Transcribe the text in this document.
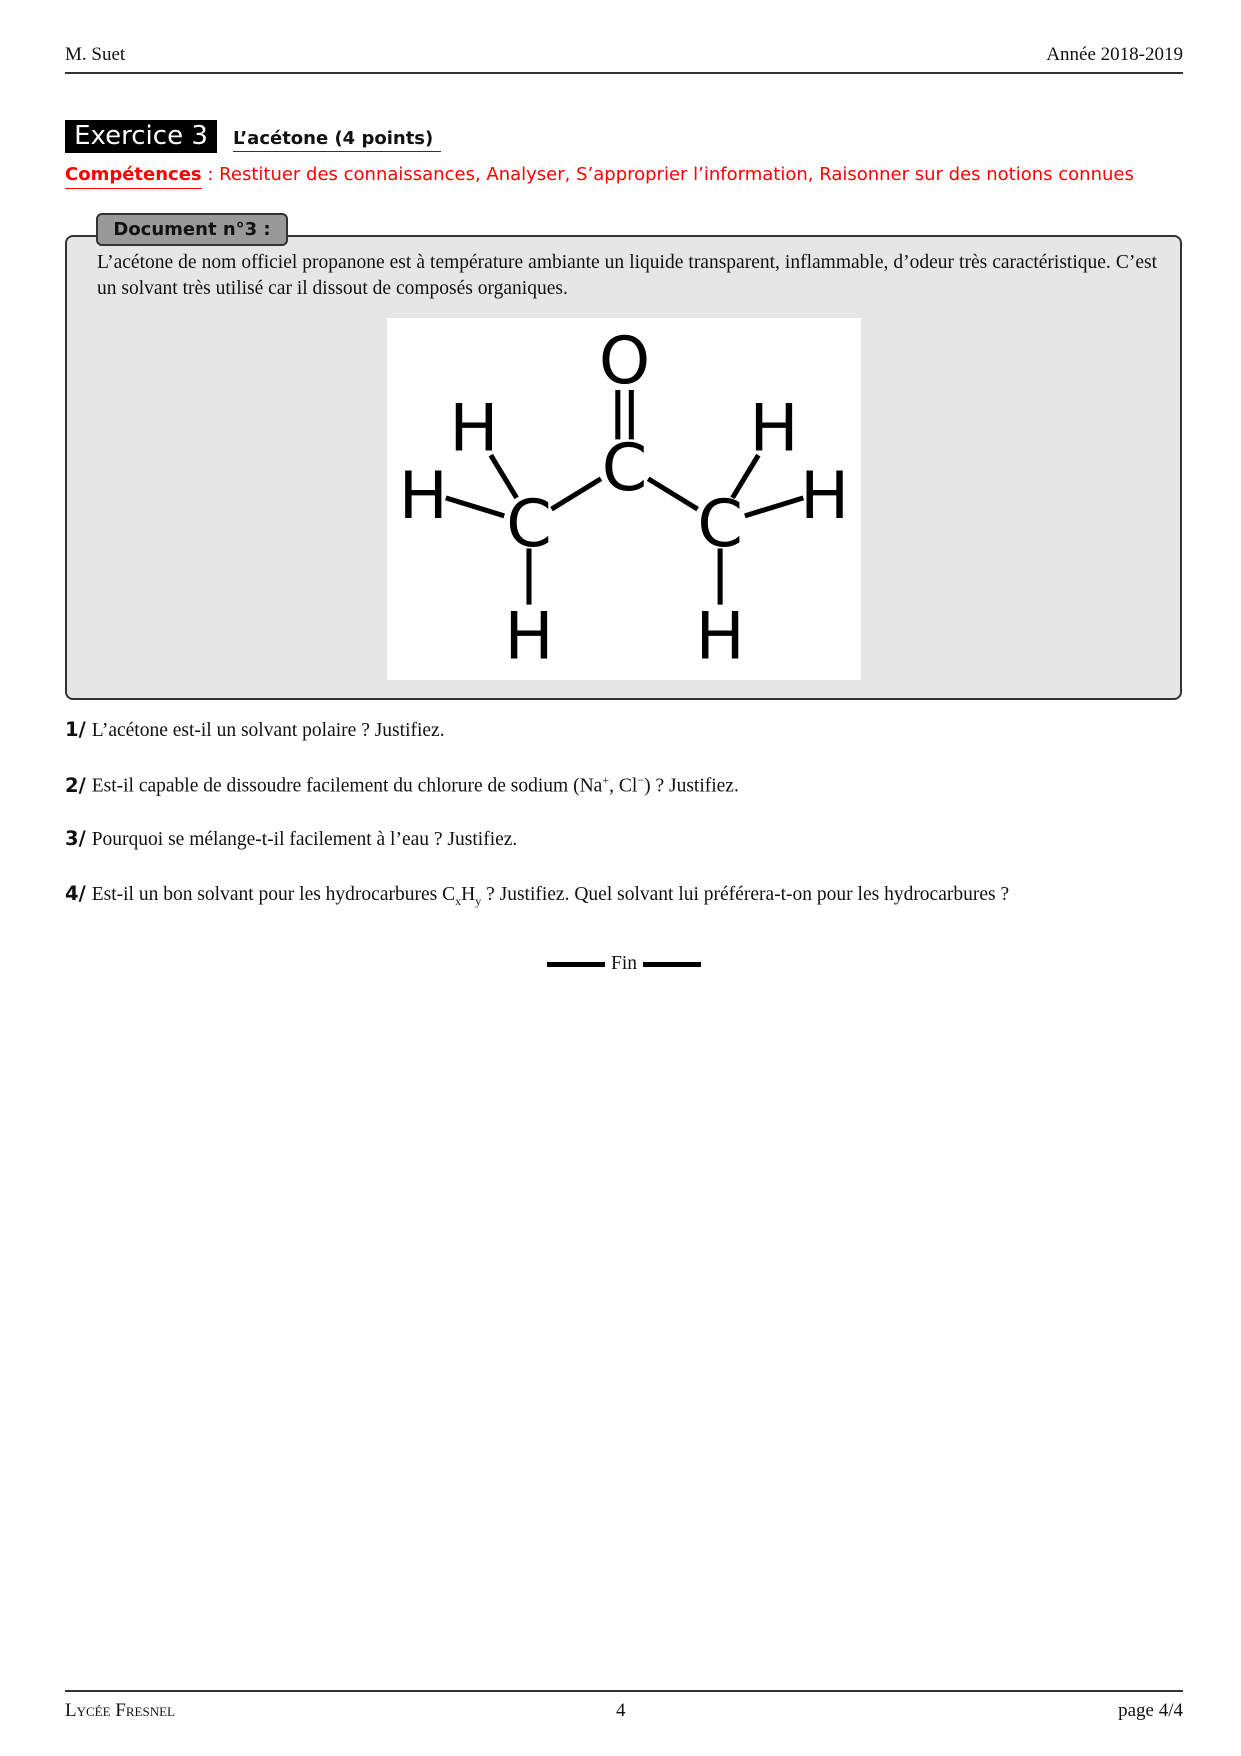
M. Suet	Année 2018-2019
Exercice 3	L’acétone (4 points)
Compétences : Restituer des connaissances, Analyser, S’approprier l’information, Raisonner sur des notions connues
Document n°3 :
L’acétone de nom officiel propanone est à température ambiante un liquide transparent, inflammable, d’odeur très caractéristique. C’est un solvant très utilisé car il dissout de composés organiques.
O
C
C	C
H
H
H
H
H
H
1/ L’acétone est-il un solvant polaire ? Justifiez.
2/ Est-il capable de dissoudre facilement du chlorure de sodium (Na+, Cl−) ? Justifiez.
3/ Pourquoi se mélange-t-il facilement à l’eau ? Justifiez.
4/ Est-il un bon solvant pour les hydrocarbures $C_xH_y$ ? Justifiez. Quel solvant lui préférera-t-on pour les hydrocarbures ?
Fin
Lycée Fresnel	4	page 4/4
